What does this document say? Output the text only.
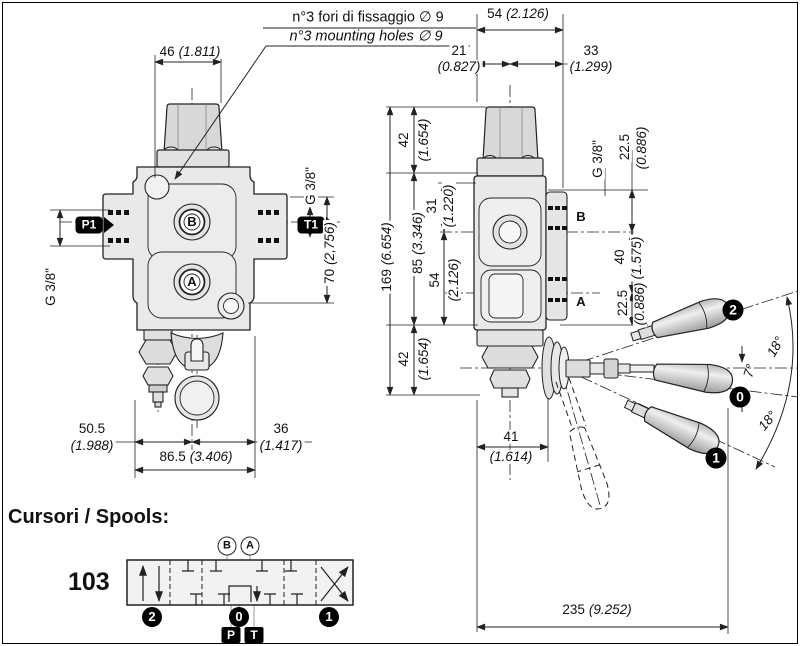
n°3 fori di fissaggio ∅ 9
n°3 mounting holes ∅ 9
46 (1.811)
P1	T1
G 3/8"
G 3/8"
70(2,756)
B
A
50.5
(1.988)
86.5 (3.406)
36
(1.417)
54 (2.126)
21
(0.827)
33
(1.299)
169(6.654)
42 (1.654)
85(3.346)
31 (1.220)
54 (2.126)
42 (1.654)
41
(1.614)
G 3/8" 22.5 (0.886)
B
40 (1.575)
A 22.5 (0.886)
18°
7°
18°
2
0
1
235 (9.252)
Cursori / Spools:
103
B	A
2	0	1
P	T
